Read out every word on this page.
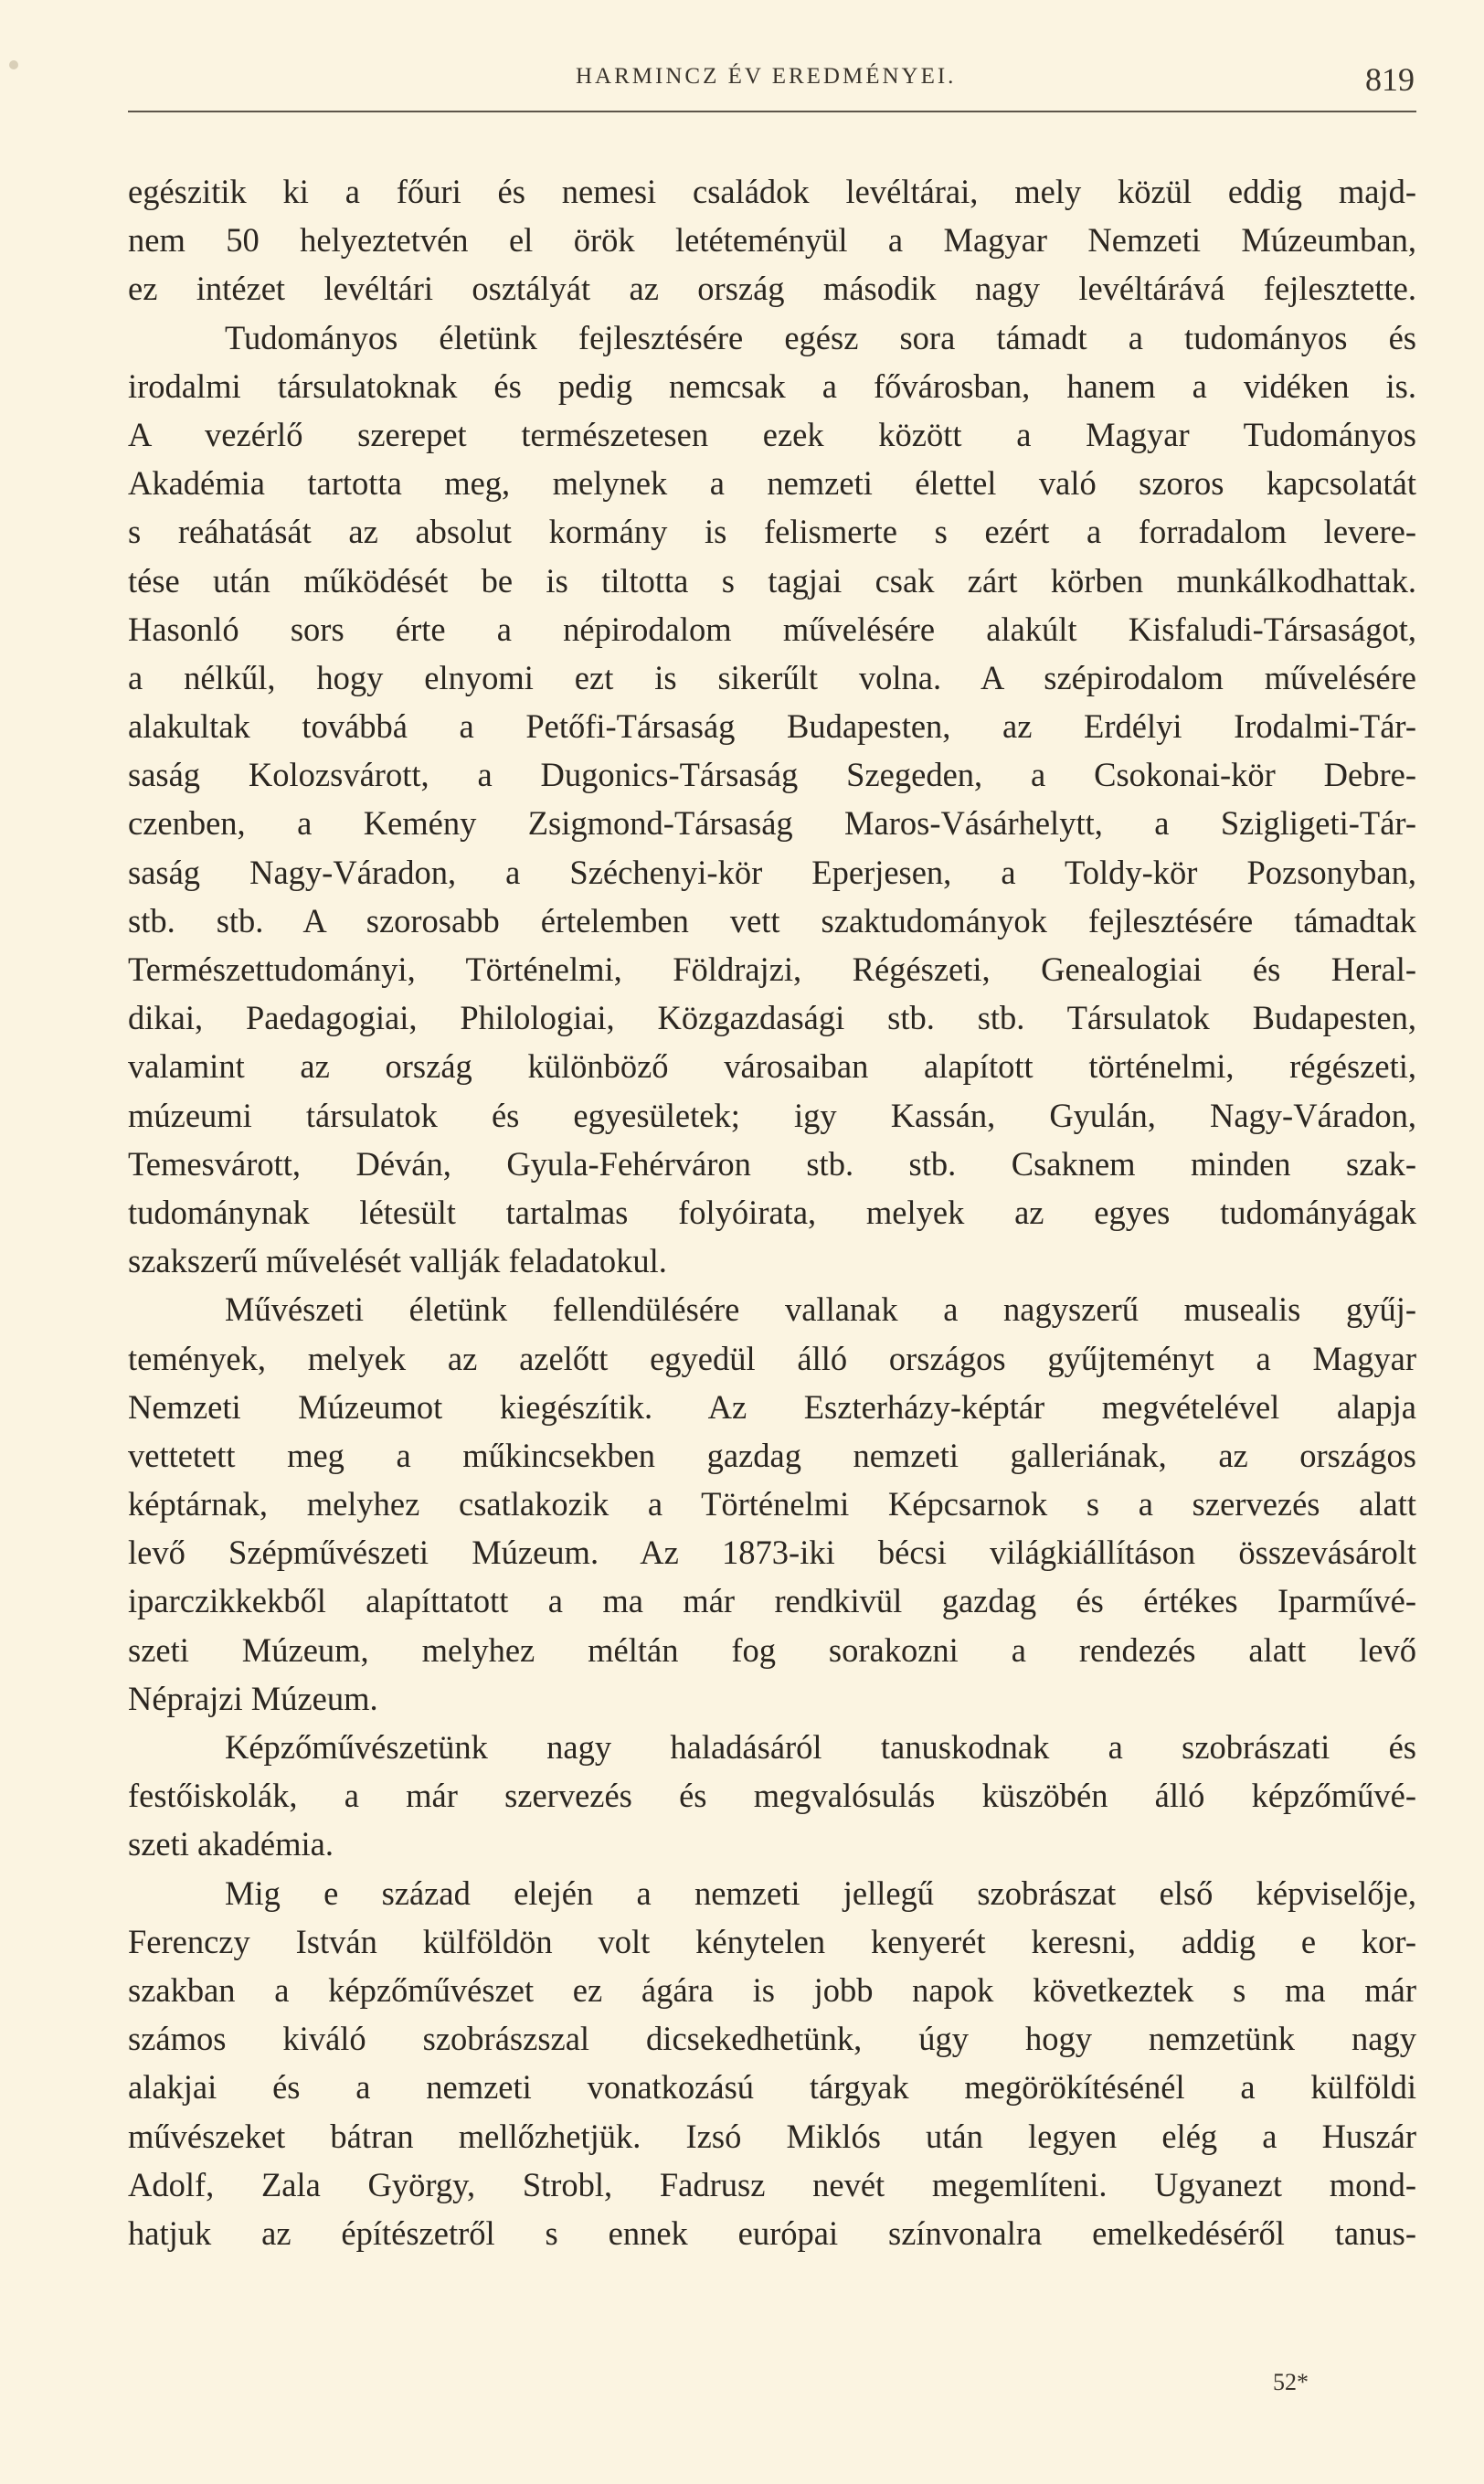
HARMINCZ ÉV EREDMÉNYEI.	819
egészitik ki a főuri és nemesi családok levéltárai, mely közül eddig majd-
nem 50 helyeztetvén el örök letéteményül a Magyar Nemzeti Múzeumban,
ez intézet levéltári osztályát az ország második nagy levéltárává fejlesztette.
Tudományos életünk fejlesztésére egész sora támadt a tudományos és
irodalmi társulatoknak és pedig nemcsak a fővárosban, hanem a vidéken is.
A vezérlő szerepet természetesen ezek között a Magyar Tudományos
Akadémia tartotta meg, melynek a nemzeti élettel való szoros kapcsolatát
s reáhatását az absolut kormány is felismerte s ezért a forradalom levere-
tése után működését be is tiltotta s tagjai csak zárt körben munkálkodhattak.
Hasonló sors érte a népirodalom művelésére alakúlt Kisfaludi-Társaságot,
a nélkűl, hogy elnyomi ezt is sikerűlt volna. A szépirodalom művelésére
alakultak továbbá a Petőfi-Társaság Budapesten, az Erdélyi Irodalmi-Tár-
saság Kolozsvárott, a Dugonics-Társaság Szegeden, a Csokonai-kör Debre-
czenben, a Kemény Zsigmond-Társaság Maros-Vásárhelytt, a Szigligeti-Tár-
saság Nagy-Váradon, a Széchenyi-kör Eperjesen, a Toldy-kör Pozsonyban,
stb. stb. A szorosabb értelemben vett szaktudományok fejlesztésére támadtak
Természettudományi, Történelmi, Földrajzi, Régészeti, Genealogiai és Heral-
dikai, Paedagogiai, Philologiai, Közgazdasági stb. stb. Társulatok Budapesten,
valamint az ország különböző városaiban alapított történelmi, régészeti,
múzeumi társulatok és egyesületek; igy Kassán, Gyulán, Nagy-Váradon,
Temesvárott, Déván, Gyula-Fehérváron stb. stb. Csaknem minden szak-
tudománynak létesült tartalmas folyóirata, melyek az egyes tudományágak
szakszerű művelését vallják feladatokul.
Művészeti életünk fellendülésére vallanak a nagyszerű musealis gyűj-
temények, melyek az azelőtt egyedül álló országos gyűjteményt a Magyar
Nemzeti Múzeumot kiegészítik. Az Eszterházy-képtár megvételével alapja
vettetett meg a műkincsekben gazdag nemzeti galleriának, az országos
képtárnak, melyhez csatlakozik a Történelmi Képcsarnok s a szervezés alatt
levő Szépművészeti Múzeum. Az 1873-iki bécsi világkiállításon összevásárolt
iparczikkekből alapíttatott a ma már rendkivül gazdag és értékes Iparművé-
szeti Múzeum, melyhez méltán fog sorakozni a rendezés alatt levő
Néprajzi Múzeum.
Képzőművészetünk nagy haladásáról tanuskodnak a szobrászati és
festőiskolák, a már szervezés és megvalósulás küszöbén álló képzőművé-
szeti akadémia.
Mig e század elején a nemzeti jellegű szobrászat első képviselője,
Ferenczy István külföldön volt kénytelen kenyerét keresni, addig e kor-
szakban a képzőművészet ez ágára is jobb napok következtek s ma már
számos kiváló szobrászszal dicsekedhetünk, úgy hogy nemzetünk nagy
alakjai és a nemzeti vonatkozású tárgyak megörökítésénél a külföldi
művészeket bátran mellőzhetjük. Izsó Miklós után legyen elég a Huszár
Adolf, Zala György, Strobl, Fadrusz nevét megemlíteni. Ugyanezt mond-
hatjuk az építészetről s ennek európai színvonalra emelkedéséről tanus-
52*
